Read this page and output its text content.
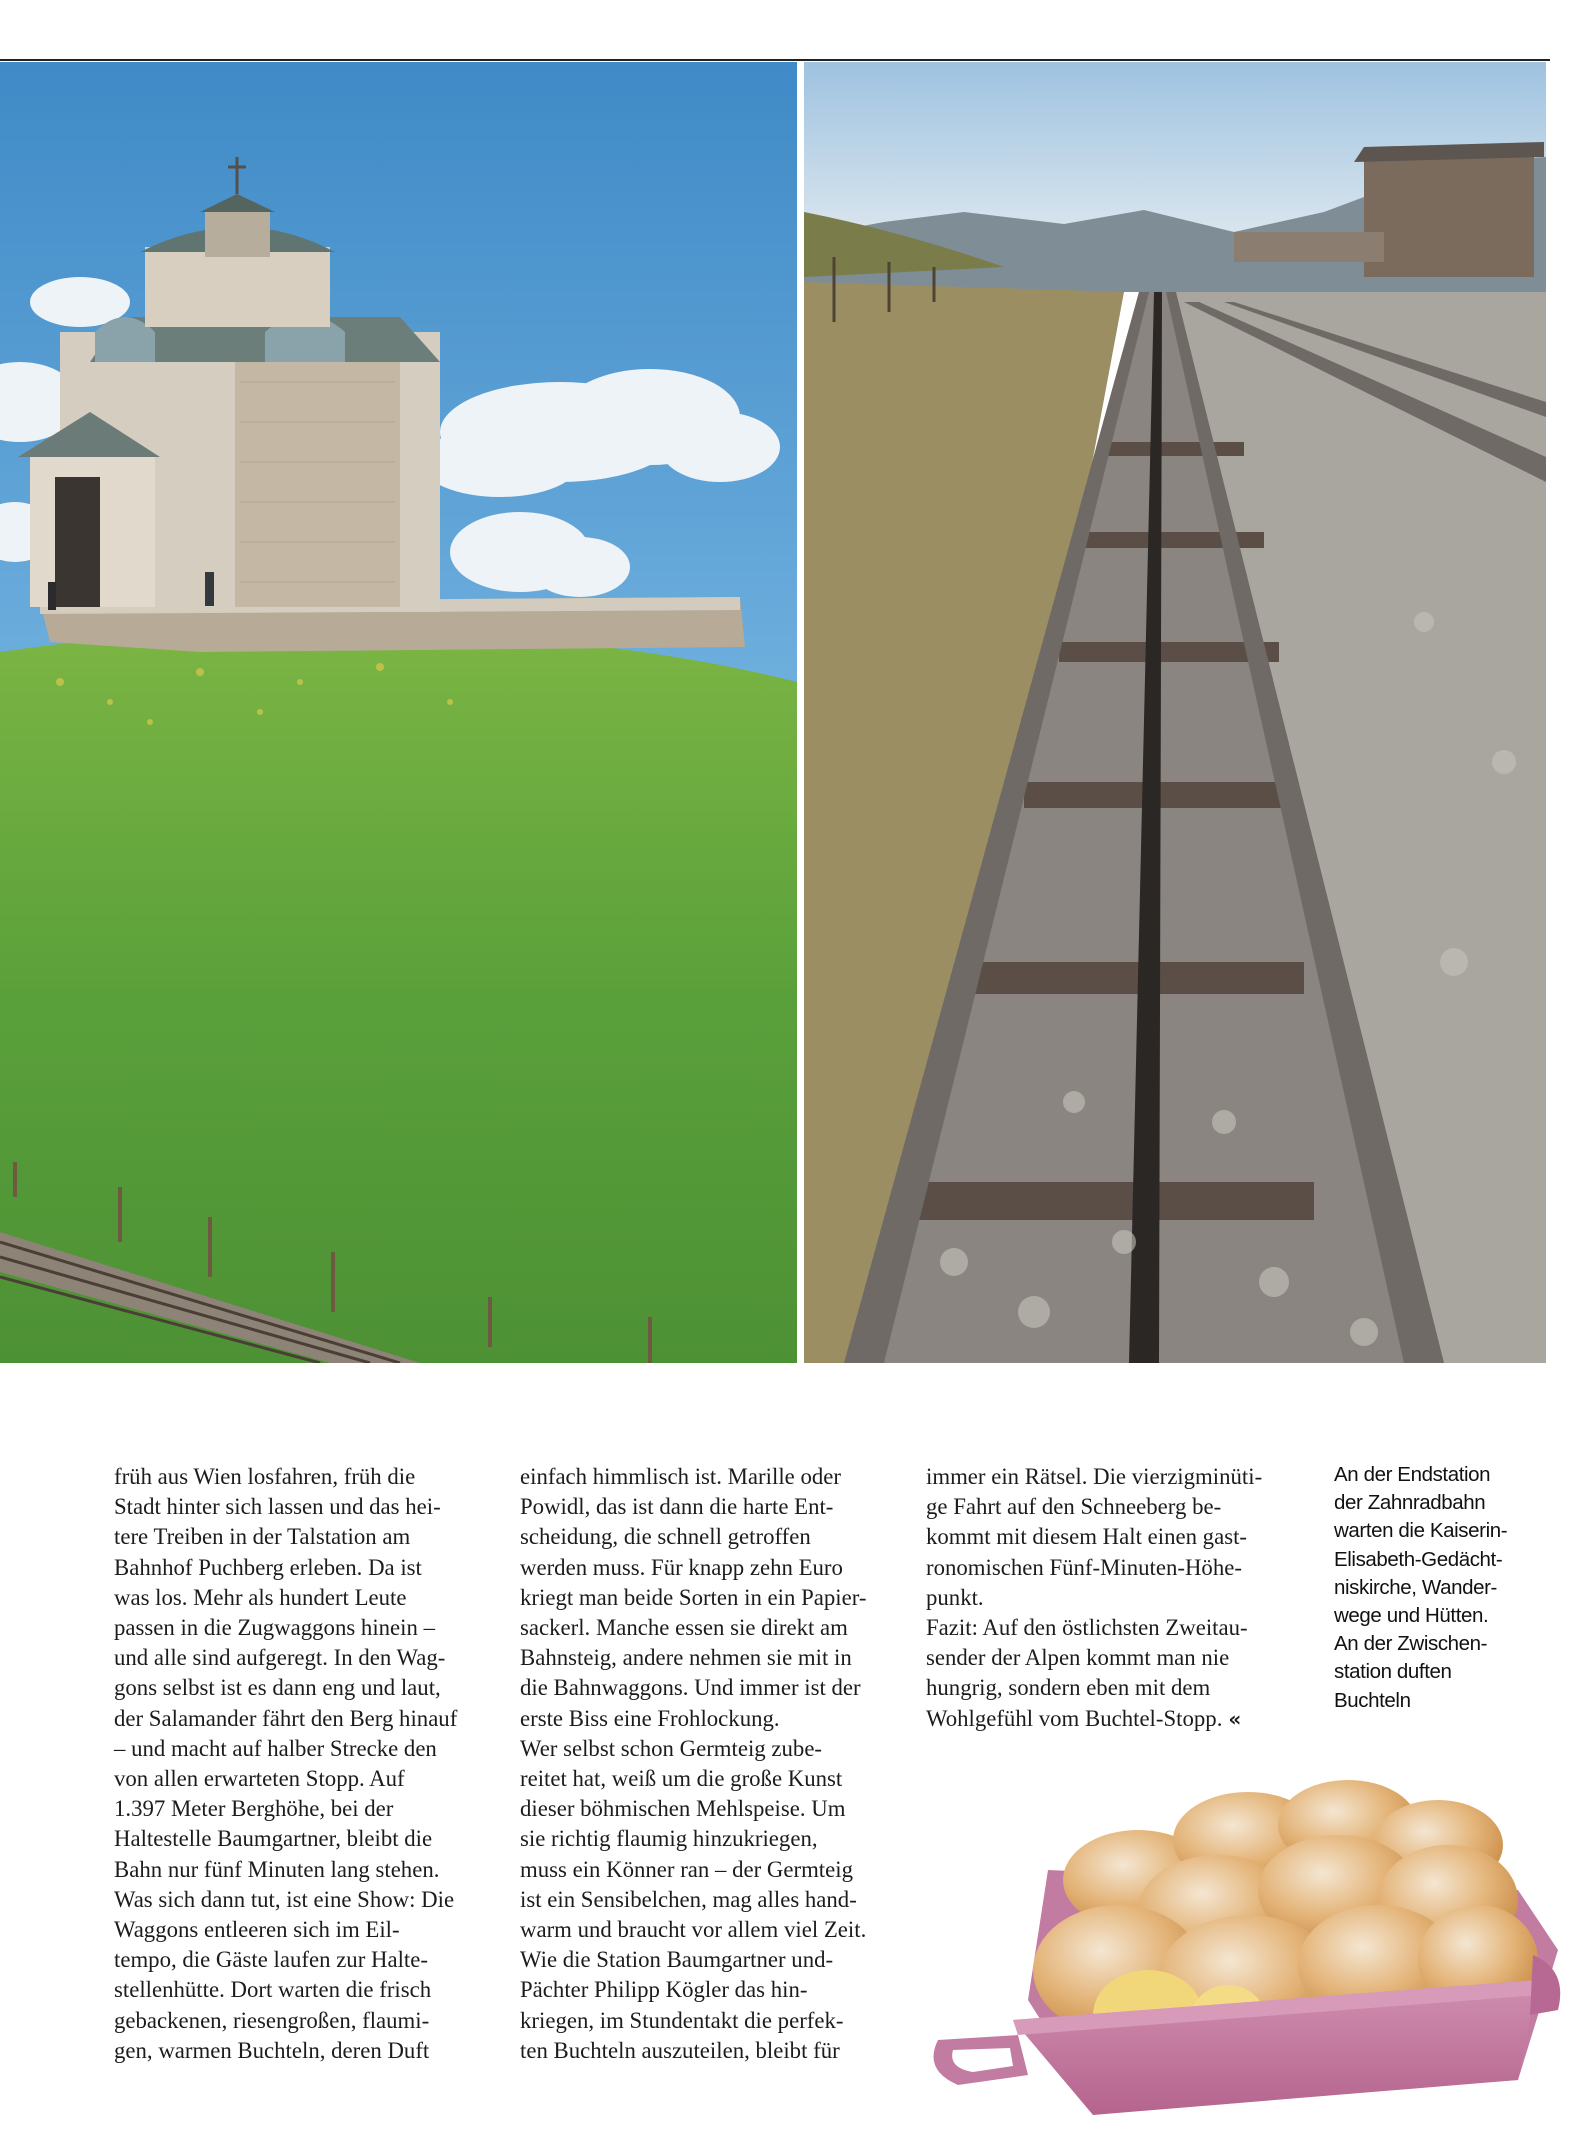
früh aus Wien losfahren, früh die

Stadt hinter sich lassen und das hei-

tere Treiben in der Talstation am

Bahnhof Puchberg erleben. Da ist

was los. Mehr als hundert Leute

passen in die Zugwaggons hinein –

und alle sind aufgeregt. In den Wag-

gons selbst ist es dann eng und laut,

der Salamander fährt den Berg hinauf

– und macht auf halber Strecke den

von allen erwarteten Stopp. Auf

1.397 Meter Berghöhe, bei der

Haltestelle Baumgartner, bleibt die

Bahn nur fünf Minuten lang stehen.

Was sich dann tut, ist eine Show: Die

Waggons entleeren sich im Eil-

tempo, die Gäste laufen zur Halte-

stellenhütte. Dort warten die frisch

gebackenen, riesengroßen, flaumi-

gen, warmen Buchteln, deren Duft

einfach himmlisch ist. Marille oder

Powidl, das ist dann die harte Ent-

scheidung, die schnell getroffen

werden muss. Für knapp zehn Euro

kriegt man beide Sorten in ein Papier-

sackerl. Manche essen sie direkt am

Bahnsteig, andere nehmen sie mit in

die Bahnwaggons. Und immer ist der

erste Biss eine Frohlockung.

Wer selbst schon Germteig zube-

reitet hat, weiß um die große Kunst

dieser böhmischen Mehlspeise. Um

sie richtig flaumig hinzukriegen,

muss ein Könner ran – der Germteig

ist ein Sensibelchen, mag alles hand-

warm und braucht vor allem viel Zeit.

Wie die Station Baumgartner und-

Pächter Philipp Kögler das hin-

kriegen, im Stundentakt die perfek-

ten Buchteln auszuteilen, bleibt für

immer ein Rätsel. Die vierzigminüti-

ge Fahrt auf den Schneeberg be-

kommt mit diesem Halt einen gast-

ronomischen Fünf-Minuten-Höhe-

punkt.

Fazit: Auf den östlichsten Zweitau-

sender der Alpen kommt man nie

hungrig, sondern eben mit dem

Wohlgefühl vom Buchtel-Stopp. «

An der Endstation
der Zahnradbahn
warten die Kaiserin-
Elisabeth-Gedächt-
niskirche, Wander-
wege und Hütten.
An der Zwischen-
station duften
Buchteln
